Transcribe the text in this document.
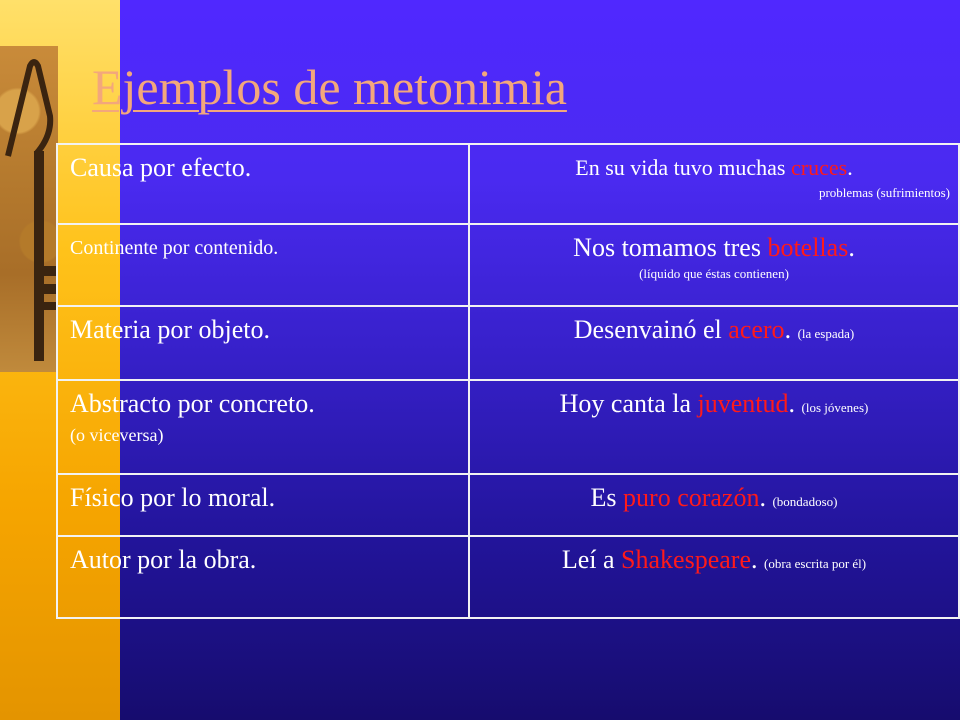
Ejemplos de metonimia
Causa por efecto.	En su vida tuvo muchas cruces.
problemas (sufrimientos)

Continente por contenido.	Nos tomamos tres botellas.
(líquido que éstas contienen)

Materia por objeto.	Desenvainó el acero. (la espada)

Abstracto por concreto.
(o viceversa)	Hoy canta la juventud. (los jóvenes)

Físico por lo moral.	Es puro corazón. (bondadoso)

Autor por la obra.	Leí a Shakespeare. (obra escrita por él)
